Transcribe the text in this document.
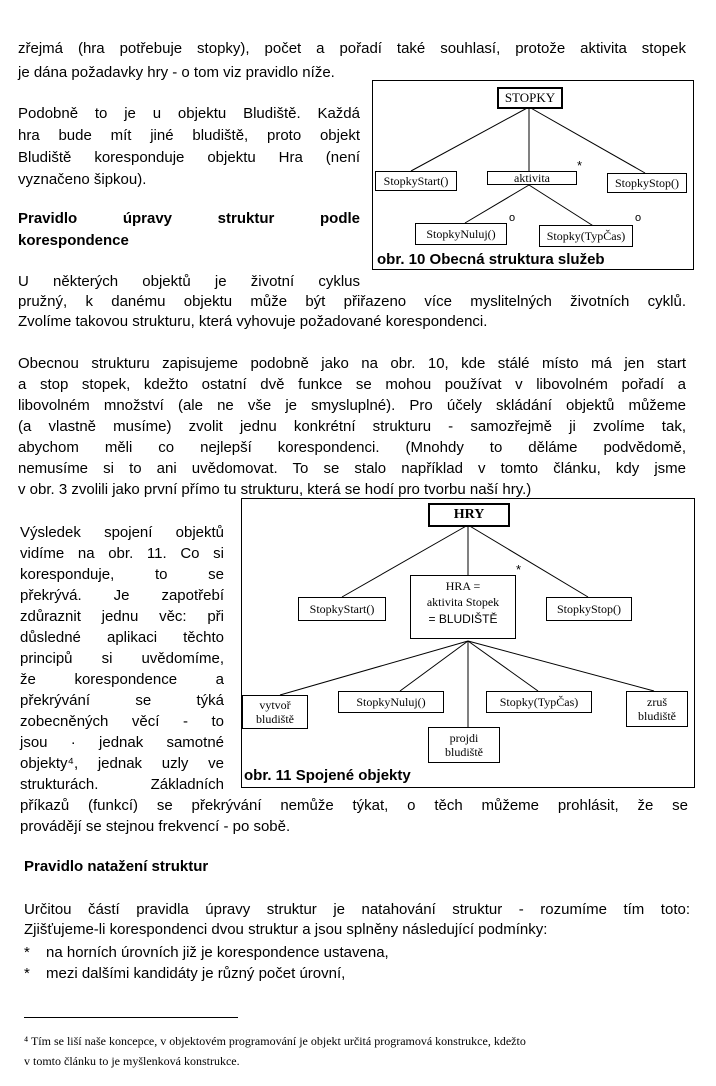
zřejmá (hra potřebuje stopky), počet a pořadí také souhlasí, protože aktivita stopek
je dána požadavky hry - o tom viz pravidlo níže.
Podobně to je u objektu Bludiště. Každá
hra bude mít jiné bludiště, proto objekt
Bludiště koresponduje objektu Hra (není
vyznačeno šipkou).
Pravidlo úpravy struktur podle
korespondence
U některých objektů je životní cyklus
pružný, k danému objektu může být přiřazeno více myslitelných životních cyklů.
Zvolíme takovou strukturu, která vyhovuje požadované korespondenci.
Obecnou strukturu zapisujeme podobně jako na obr. 10, kde stálé místo má jen start
a stop stopek, kdežto ostatní dvě funkce se mohou používat v libovolném pořadí a
libovolném množství (ale ne vše je smysluplné). Pro účely skládání objektů můžeme
(a vlastně musíme) zvolit jednu konkrétní strukturu - samozřejmě ji zvolíme tak,
abychom měli co nejlepší korespondenci. (Mnohdy to děláme podvědomě,
nemusíme si to ani uvědomovat. To se stalo například v tomto článku, kdy jsme
v obr. 3 zvolili jako první přímo tu strukturu, která se hodí pro tvorbu naší hry.)
Výsledek spojení objektů
vidíme na obr. 11. Co si
koresponduje, to se
překrývá. Je zapotřebí
zdůraznit jednu věc: při
důsledné aplikaci těchto
principů si uvědomíme,
že korespondence a
překrývání se týká
zobecněných věcí - to
jsou · jednak samotné
objekty⁴, jednak uzly ve
strukturách. Základních
příkazů (funkcí) se překrývání nemůže týkat, o těch můžeme prohlásit, že se
provádějí se stejnou frekvencí - po sobě.
Pravidlo natažení struktur
Určitou částí pravidla úpravy struktur je natahování struktur - rozumíme tím toto:
Zjišťujeme-li korespondenci dvou struktur a jsou splněny následující podmínky:
* na horních úrovních již je korespondence ustavena,
* mezi dalšími kandidáty je různý počet úrovní,
⁴ Tím se liší naše koncepce, v objektovém programování je objekt určitá programová konstrukce, kdežto
v tomto článku to je myšlenková konstrukce.
STOPKY
StopkyStart()	aktivita
*
StopkyStop()
StopkyNuluj()
o
Stopky(TypČas)
o
obr. 10 Obecná struktura služeb
HRY
StopkyStart()
HRA =
aktivita Stopek
= BLUDIŠTĚ
*
StopkyStop()
vytvoř
bludiště
StopkyNuluj()
projdi
bludiště
Stopky(TypČas)	zruš
bludiště
obr. 11 Spojené objekty
